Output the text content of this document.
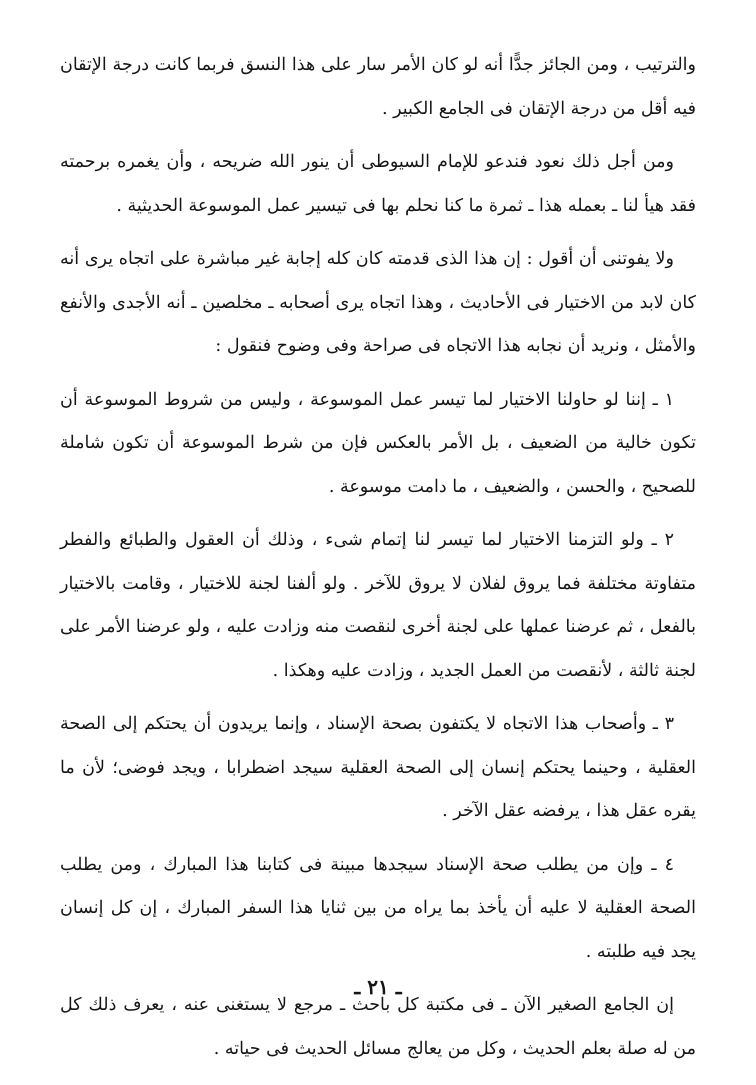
والترتيب ، ومن الجائز جدًّا أنه لو كان الأمر سار على هذا النسق فربما كانت درجة الإتقان فيه أقل من درجة الإتقان فى الجامع الكبير .

ومن أجل ذلك نعود فندعو للإمام السيوطى أن ينور الله ضريحه ، وأن يغمره برحمته فقد هيأ لنا ـ بعمله هذا ـ ثمرة ما كنا نحلم بها فى تيسير عمل الموسوعة الحديثية .

ولا يفوتنى أن أقول : إن هذا الذى قدمته كان كله إجابة غير مباشرة على اتجاه يرى أنه كان لابد من الاختيار فى الأحاديث ، وهذا اتجاه يرى أصحابه ـ مخلصين ـ أنه الأجدى والأنفع والأمثل ، ونريد أن نجابه هذا الاتجاه فى صراحة وفى وضوح فنقول :

١ ـ إننا لو حاولنا الاختيار لما تيسر عمل الموسوعة ، وليس من شروط الموسوعة أن تكون خالية من الضعيف ، بل الأمر بالعكس فإن من شرط الموسوعة أن تكون شاملة للصحيح ، والحسن ، والضعيف ، ما دامت موسوعة .

٢ ـ ولو التزمنا الاختيار لما تيسر لنا إتمام شىء ، وذلك أن العقول والطبائع والفطر متفاوتة مختلفة فما يروق لفلان لا يروق للآخر . ولو ألفنا لجنة للاختيار ، وقامت بالاختيار بالفعل ، ثم عرضنا عملها على لجنة أخرى لنقصت منه وزادت عليه ، ولو عرضنا الأمر على لجنة ثالثة ، لأنقصت من العمل الجديد ، وزادت عليه وهكذا .

٣ ـ وأصحاب هذا الاتجاه لا يكتفون بصحة الإسناد ، وإنما يريدون أن يحتكم إلى الصحة العقلية ، وحينما يحتكم إنسان إلى الصحة العقلية سيجد اضطرابا ، ويجد فوضى؛ لأن ما يقره عقل هذا ، يرفضه عقل الآخر .

٤ ـ وإن من يطلب صحة الإسناد سيجدها مبينة فى كتابنا هذا المبارك ، ومن يطلب الصحة العقلية لا عليه أن يأخذ بما يراه من بين ثنايا هذا السفر المبارك ، إن كل إنسان يجد فيه طلبته .

إن الجامع الصغير الآن ـ فى مكتبة كل باحث ـ مرجع لا يستغنى عنه ، يعرف ذلك كل من له صلة بعلم الحديث ، وكل من يعالج مسائل الحديث فى حياته .

ـ ٢١ ـ
